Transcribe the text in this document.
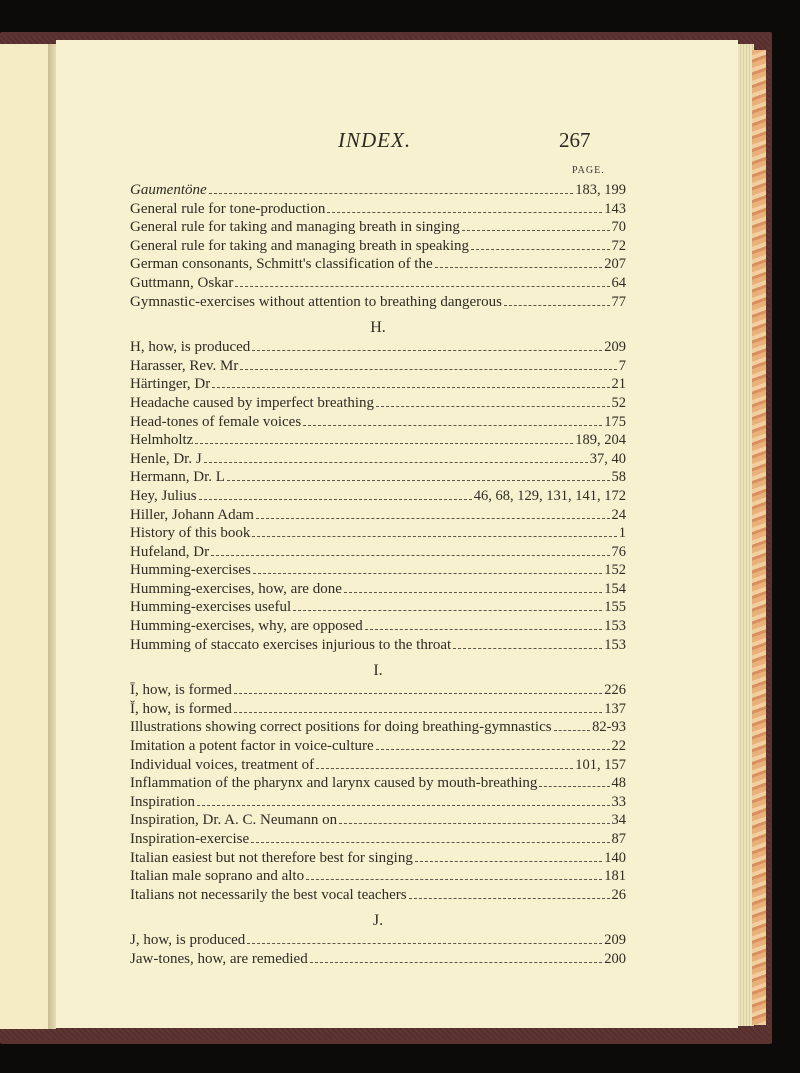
INDEX.	267
PAGE.
Gaumentöne	183, 199
General rule for tone-production	143
General rule for taking and managing breath in singing	70
General rule for taking and managing breath in speaking	72
German consonants, Schmitt's classification of the	207
Guttmann, Oskar	64
Gymnastic-exercises without attention to breathing dangerous	77
H.
H, how, is produced	209
Harasser, Rev. Mr	7
Härtinger, Dr	21
Headache caused by imperfect breathing	52
Head-tones of female voices	175
Helmholtz	189, 204
Henle, Dr. J	37, 40
Hermann, Dr. L	58
Hey, Julius	46, 68, 129, 131, 141, 172
Hiller, Johann Adam	24
History of this book	1
Hufeland, Dr	76
Humming-exercises	152
Humming-exercises, how, are done	154
Humming-exercises useful	155
Humming-exercises, why, are opposed	153
Humming of staccato exercises injurious to the throat	153
I.
Ī, how, is formed	226
Ĭ, how, is formed	137
Illustrations showing correct positions for doing breathing-gymnastics	82-93
Imitation a potent factor in voice-culture	22
Individual voices, treatment of	101, 157
Inflammation of the pharynx and larynx caused by mouth-breathing	48
Inspiration	33
Inspiration, Dr. A. C. Neumann on	34
Inspiration-exercise	87
Italian easiest but not therefore best for singing	140
Italian male soprano and alto	181
Italians not necessarily the best vocal teachers	26
J.
J, how, is produced	209
Jaw-tones, how, are remedied	200
